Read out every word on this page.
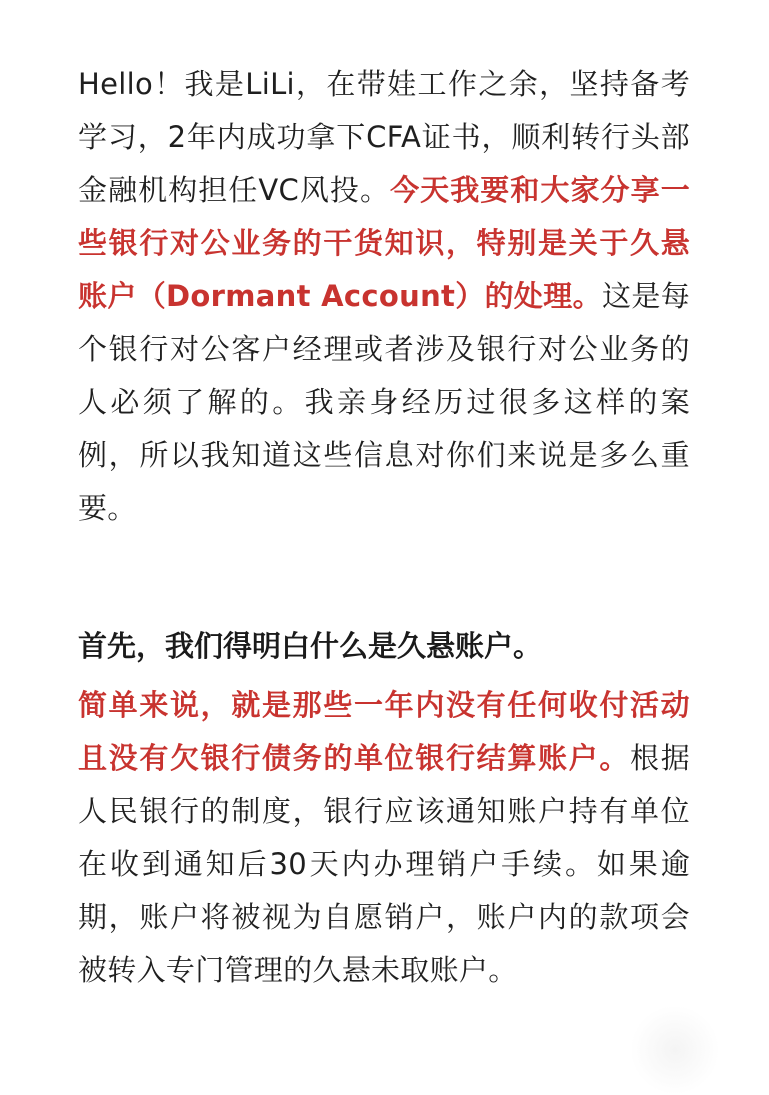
Hello！我是LiLi，在带娃工作之余，坚持备考学习，2年内成功拿下CFA证书，顺利转行头部金融机构担任VC风投。今天我要和大家分享一些银行对公业务的干货知识，特别是关于久悬账户（Dormant Account）的处理。这是每个银行对公客户经理或者涉及银行对公业务的人必须了解的。我亲身经历过很多这样的案例，所以我知道这些信息对你们来说是多么重要。

首先，我们得明白什么是久悬账户。

简单来说，就是那些一年内没有任何收付活动且没有欠银行债务的单位银行结算账户。根据人民银行的制度，银行应该通知账户持有单位在收到通知后30天内办理销户手续。如果逾期，账户将被视为自愿销户，账户内的款项会被转入专门管理的久悬未取账户。
